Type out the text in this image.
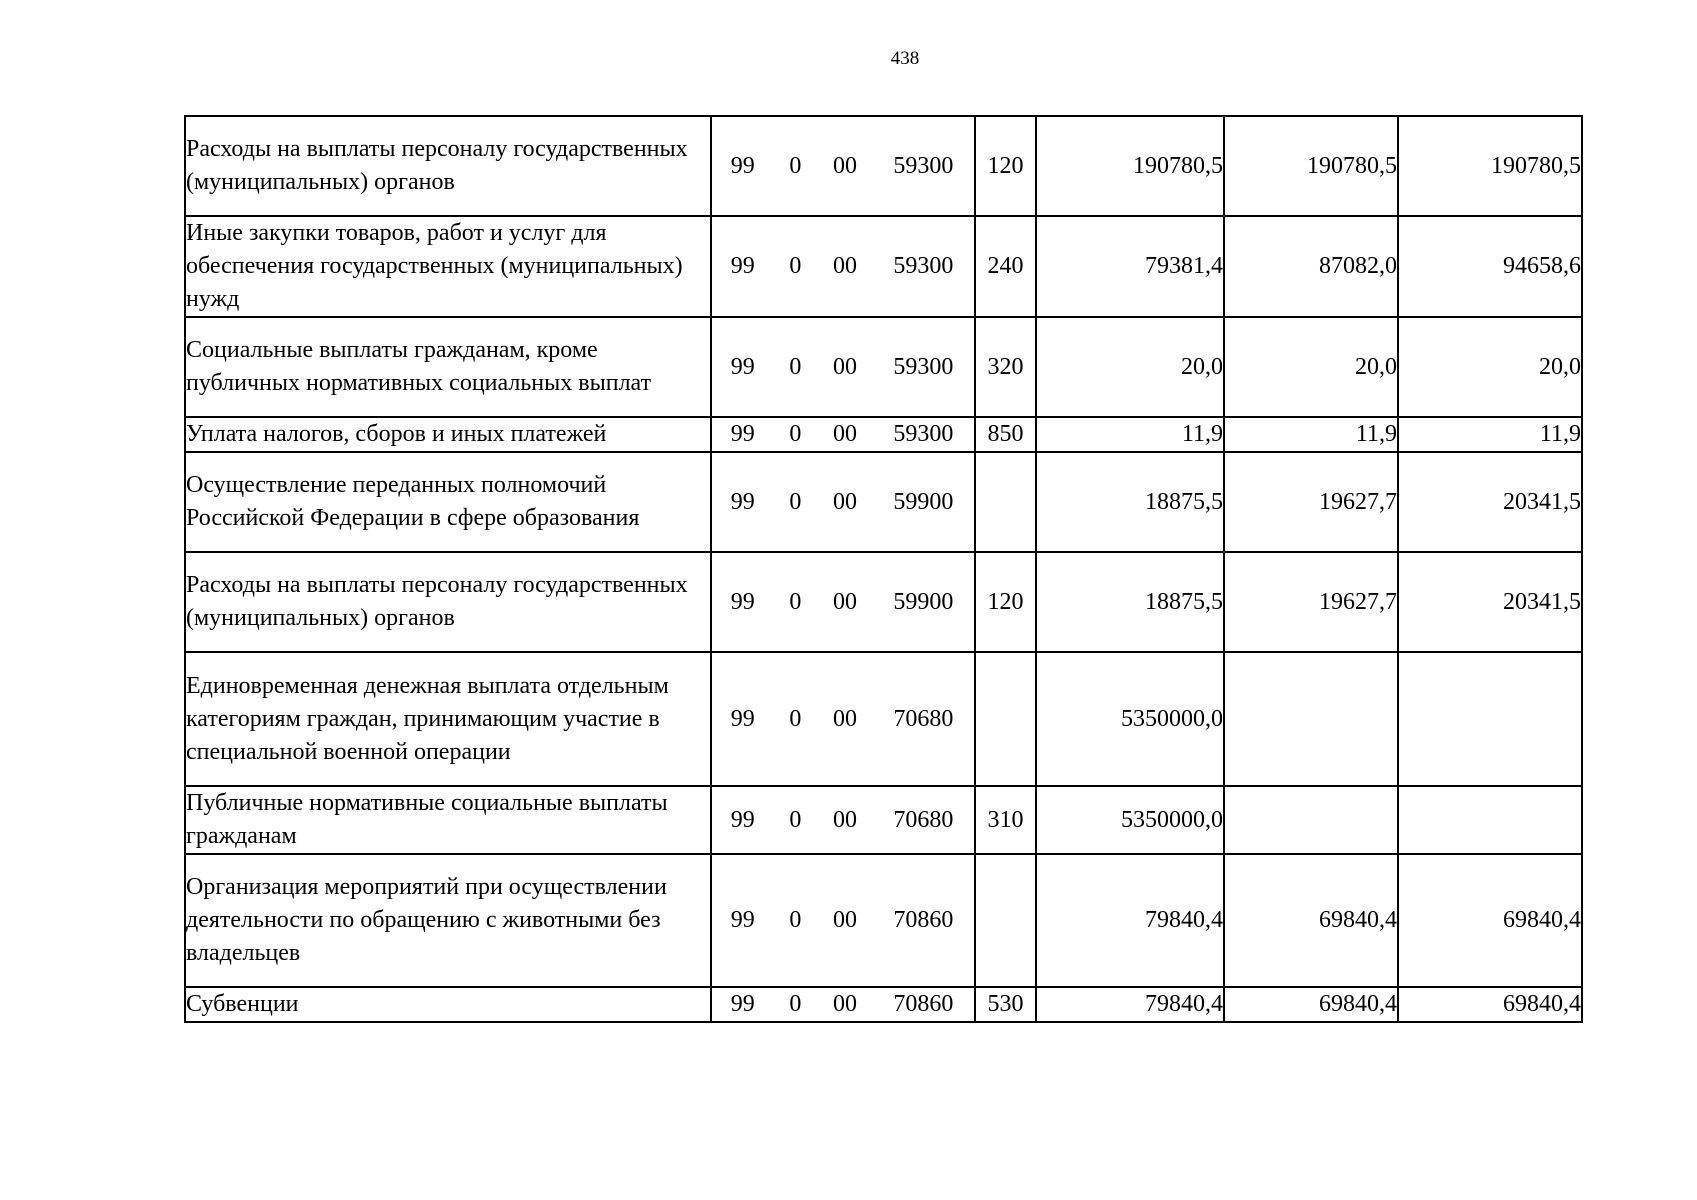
438
Расходы на выплаты персоналу государственных (муниципальных) органов	99 0 00 59300	120	190780,5	190780,5	190780,5
Иные закупки товаров, работ и услуг для обеспечения государственных (муниципальных) нужд	99 0 00 59300	240	79381,4	87082,0	94658,6
Социальные выплаты гражданам, кроме публичных нормативных социальных выплат	99 0 00 59300	320	20,0	20,0	20,0
Уплата налогов, сборов и иных платежей	99 0 00 59300	850	11,9	11,9	11,9
Осуществление переданных полномочий Российской Федерации в сфере образования	99 0 00 59900		18875,5	19627,7	20341,5
Расходы на выплаты персоналу государственных (муниципальных) органов	99 0 00 59900	120	18875,5	19627,7	20341,5
Единовременная денежная выплата отдельным категориям граждан, принимающим участие в специальной военной операции	99 0 00 70680		5350000,0		
Публичные нормативные социальные выплаты гражданам	99 0 00 70680	310	5350000,0		
Организация мероприятий при осуществлении деятельности по обращению с животными без владельцев	99 0 00 70860		79840,4	69840,4	69840,4
Субвенции	99 0 00 70860	530	79840,4	69840,4	69840,4
